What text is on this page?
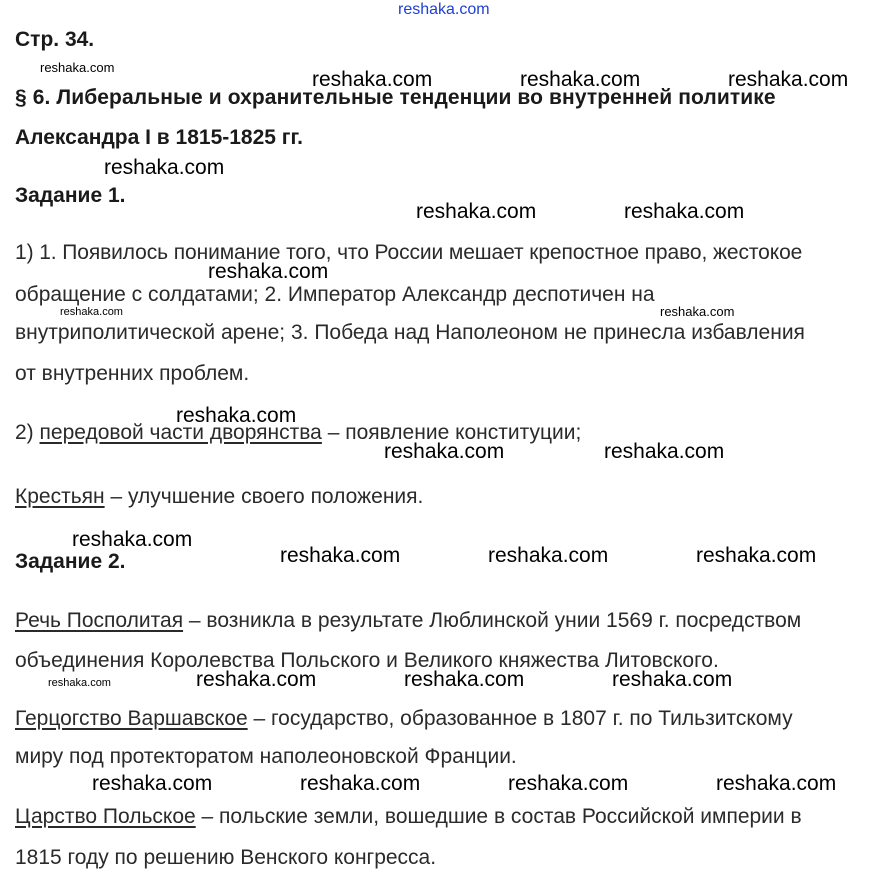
reshaka.com
reshaka.com
reshaka.com	reshaka.com	reshaka.com
reshaka.com
reshaka.com	reshaka.com
reshaka.com
reshaka.com	reshaka.com
reshaka.com
reshaka.com	reshaka.com
reshaka.com
reshaka.com	reshaka.com	reshaka.com
reshaka.com	reshaka.com	reshaka.com	reshaka.com
reshaka.com	reshaka.com	reshaka.com	reshaka.com
Стр. 34.
§ 6. Либеральные и охранительные тенденции во внутренней политике
Александра I в 1815-1825 гг.
Задание 1.
1) 1. Появилось понимание того, что России мешает крепостное право, жестокое
обращение с солдатами; 2. Император Александр деспотичен на
внутриполитической арене; 3. Победа над Наполеоном не принесла избавления
от внутренних проблем.
2) передовой части дворянства – появление конституции;
Крестьян – улучшение своего положения.
Задание 2.
Речь Посполитая – возникла в результате Люблинской унии 1569 г. посредством
объединения Королевства Польского и Великого княжества Литовского.
Герцогство Варшавское – государство, образованное в 1807 г. по Тильзитскому
миру под протекторатом наполеоновской Франции.
Царство Польское – польские земли, вошедшие в состав Российской империи в
1815 году по решению Венского конгресса.
